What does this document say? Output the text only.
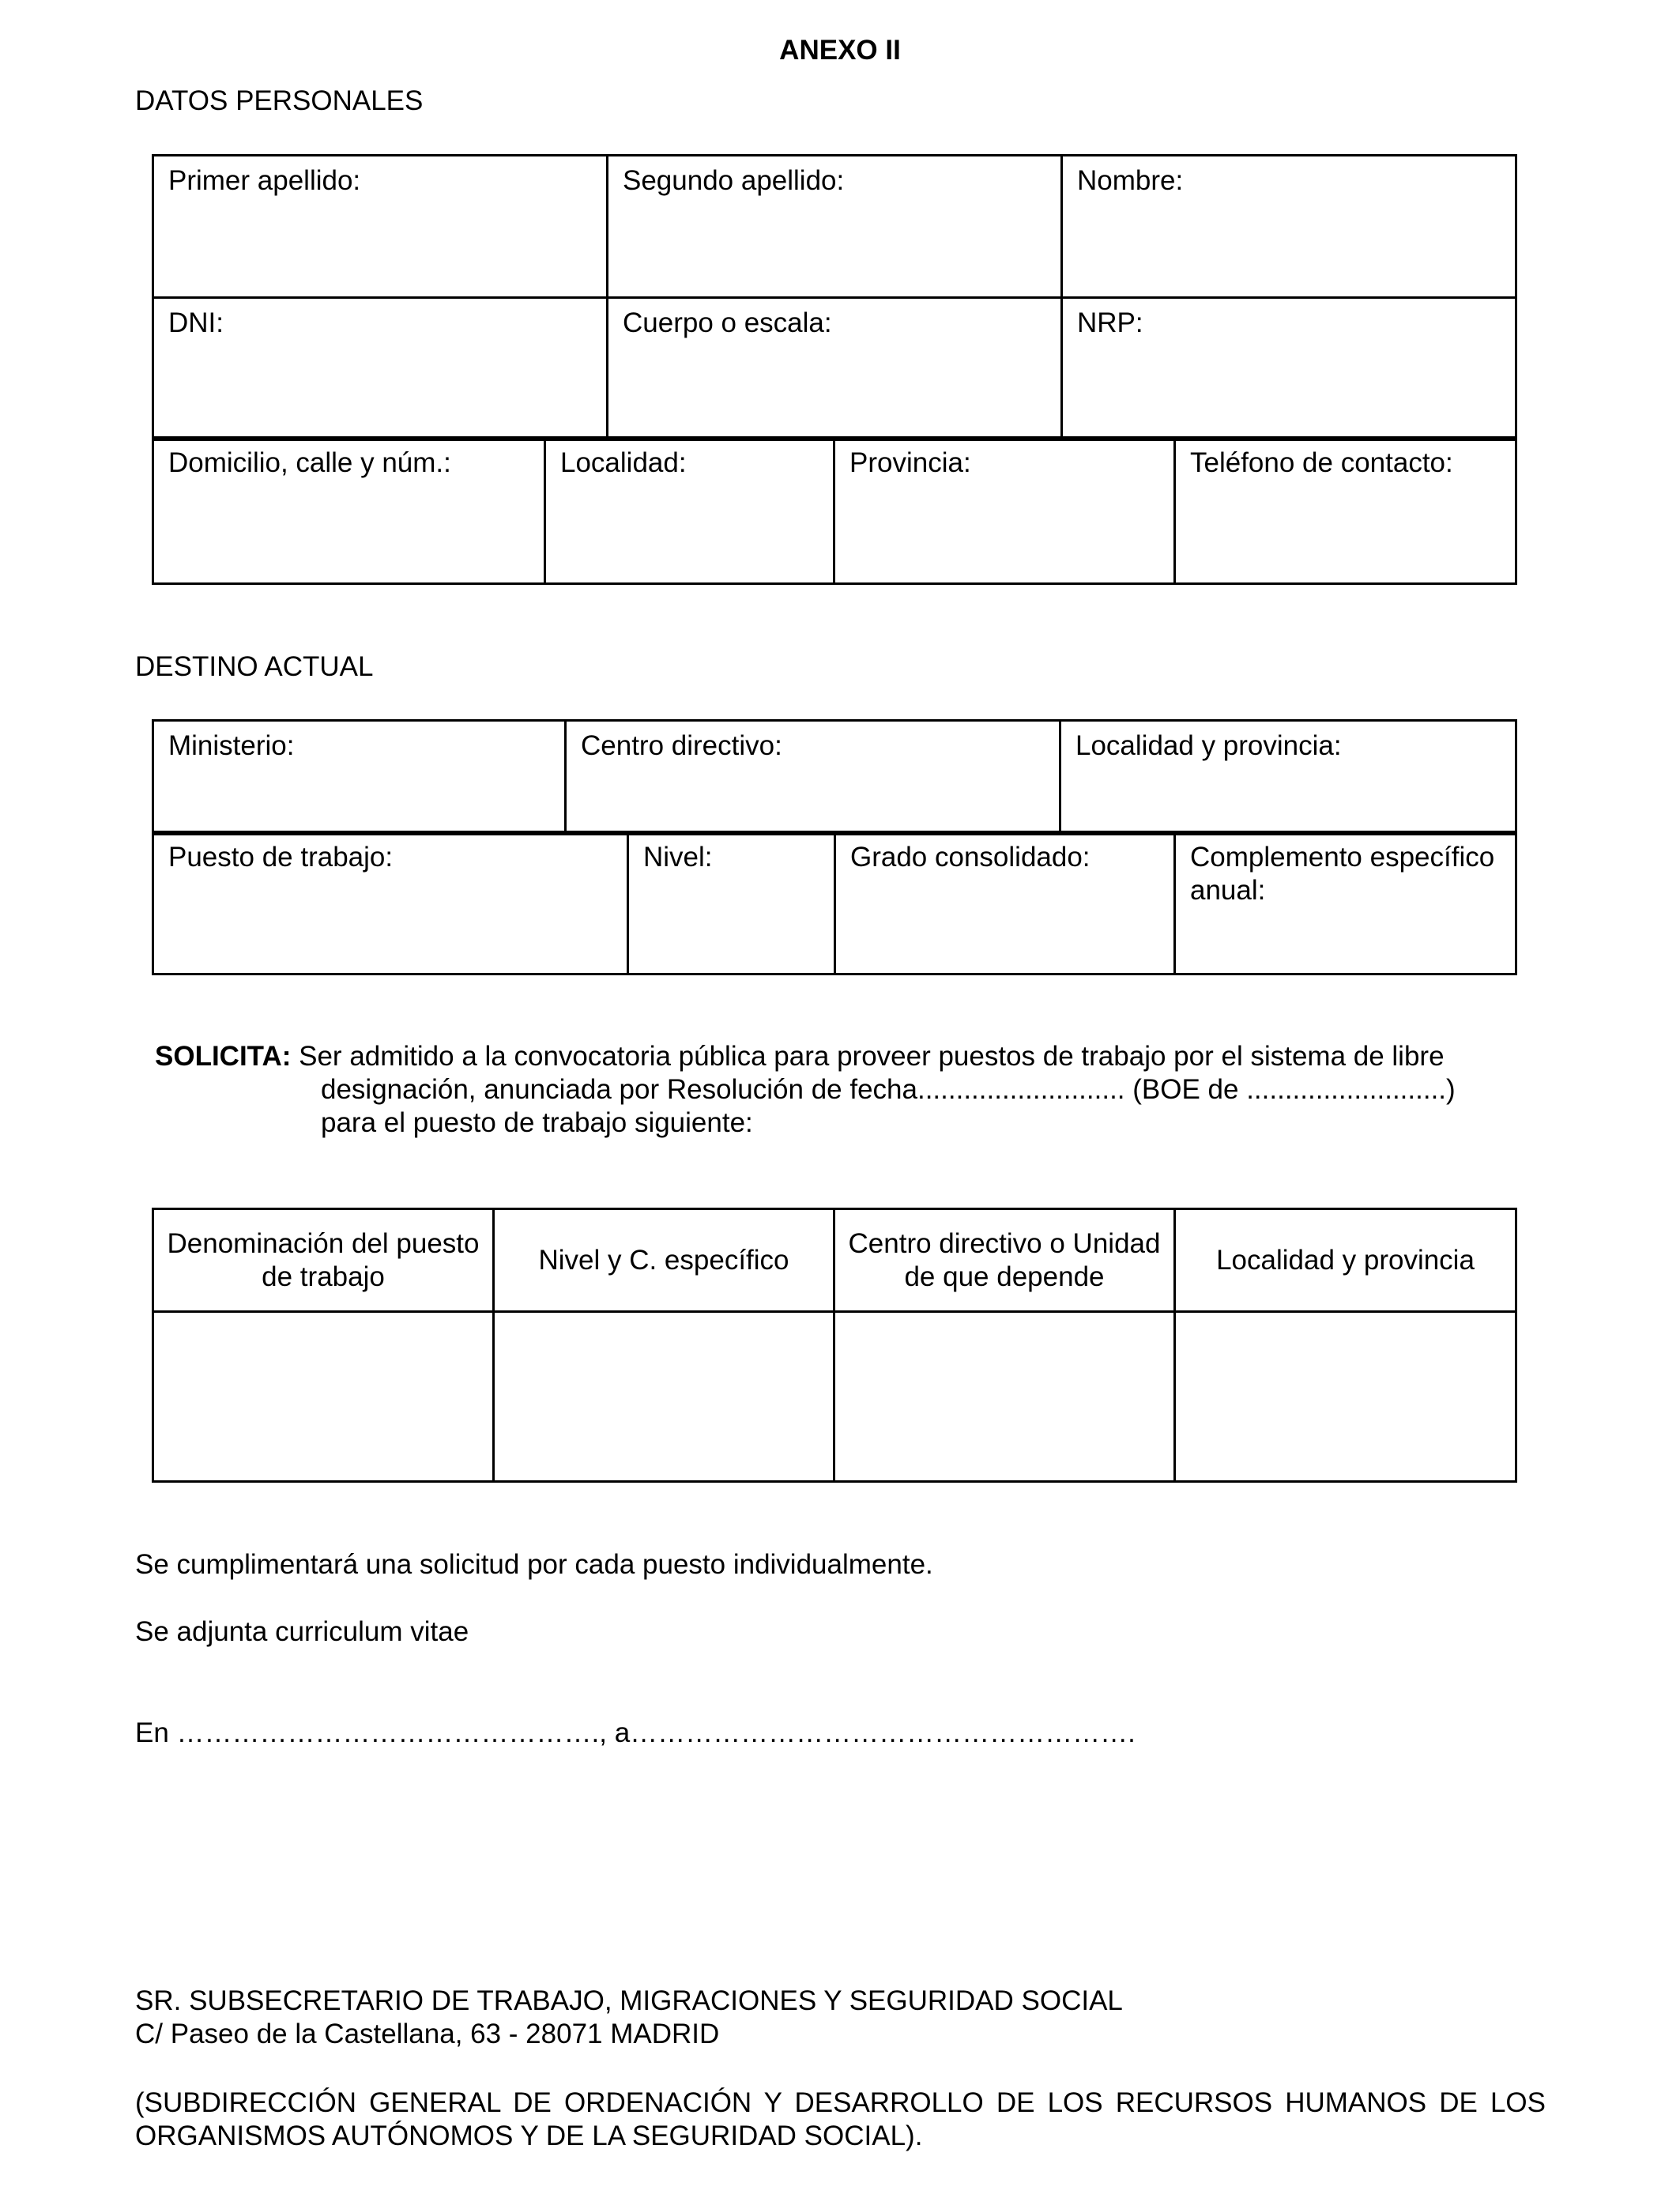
ANEXO II
DATOS PERSONALES
Primer apellido:	Segundo apellido:	Nombre:
DNI:	Cuerpo o escala:	NRP:
Domicilio, calle y núm.:	Localidad:	Provincia:	Teléfono de contacto:
DESTINO ACTUAL
Ministerio:	Centro directivo:	Localidad y provincia:
Puesto de trabajo:	Nivel:	Grado consolidado:	Complemento específico anual:
SOLICITA: Ser admitido a la convocatoria pública para proveer puestos de trabajo por el sistema de libre
designación, anunciada por Resolución de fecha........................... (BOE de ..........................)
para el puesto de trabajo siguiente:
Denominación del puesto de trabajo	Nivel y C. específico	Centro directivo o Unidad de que depende	Localidad y provincia

Se cumplimentará una solicitud por cada puesto individualmente.
Se adjunta curriculum vitae
En ………………………………………., a……………………………………………….
SR. SUBSECRETARIO DE TRABAJO, MIGRACIONES Y SEGURIDAD SOCIAL
C/ Paseo de la Castellana, 63 - 28071 MADRID
(SUBDIRECCIÓN GENERAL DE ORDENACIÓN Y DESARROLLO DE LOS RECURSOS HUMANOS DE LOS ORGANISMOS AUTÓNOMOS Y DE LA SEGURIDAD SOCIAL).
